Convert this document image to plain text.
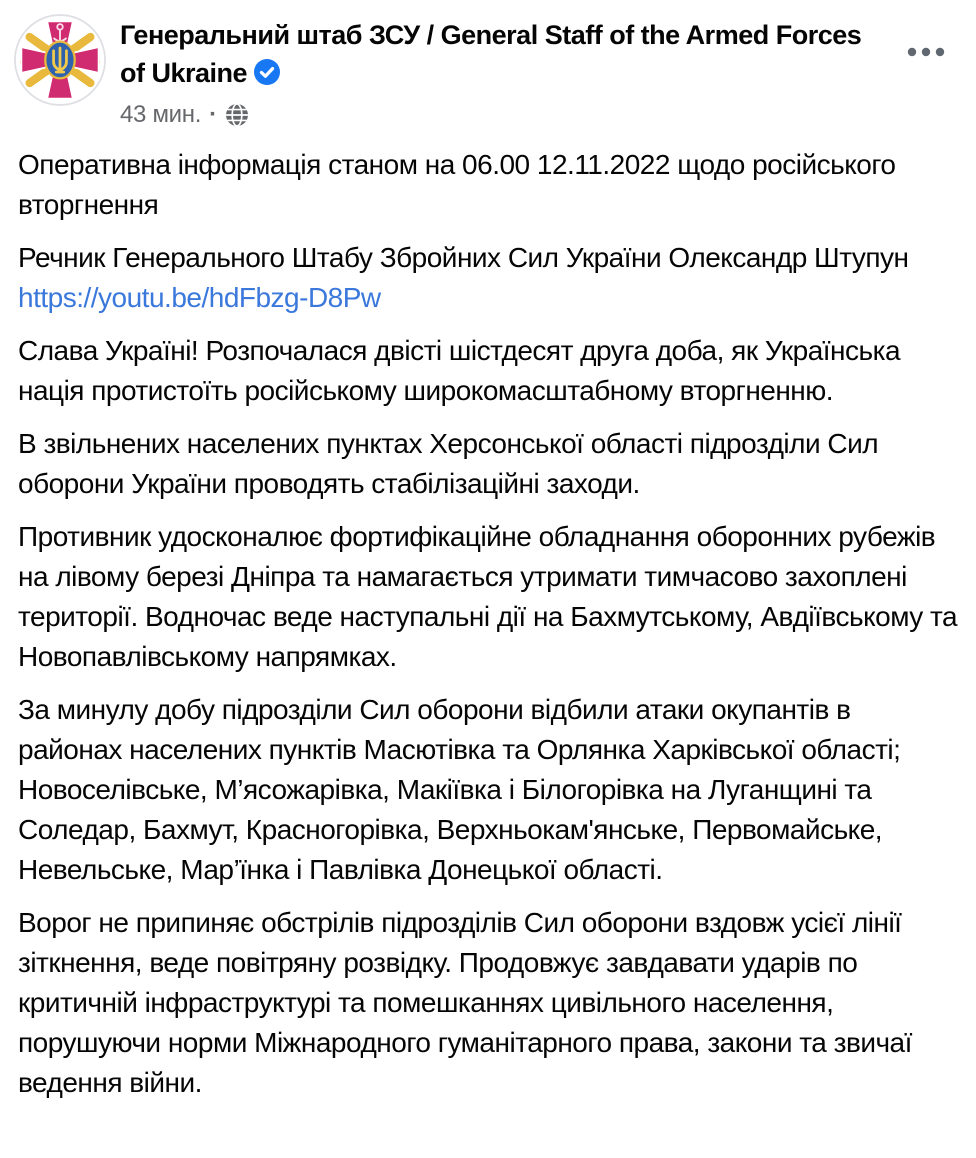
Генеральний штаб ЗСУ / General Staff of the Armed Forces of Ukraine
43 мин. ·

Оперативна інформація станом на 06.00 12.11.2022 щодо російського вторгнення

Речник Генерального Штабу Збройних Сил України Олександр Штупун https://youtu.be/hdFbzg-D8Pw

Слава Україні! Розпочалася двісті шістдесят друга доба, як Українська нація протистоїть російському широкомасштабному вторгненню.

В звільнених населених пунктах Херсонської області підрозділи Сил оборони України проводять стабілізаційні заходи.

Противник удосконалює фортифікаційне обладнання оборонних рубежів на лівому березі Дніпра та намагається утримати тимчасово захоплені території. Водночас веде наступальні дії на Бахмутському, Авдіївському та Новопавлівському напрямках.

За минулу добу підрозділи Сил оборони відбили атаки окупантів в районах населених пунктів Масютівка та Орлянка Харківської області; Новоселівське, М’ясожарівка, Макіївка і Білогорівка на Луганщині та Соледар, Бахмут, Красногорівка, Верхньокам'янське, Первомайське, Невельське, Мар’їнка і Павлівка Донецької області.

Ворог не припиняє обстрілів підрозділів Сил оборони вздовж усієї лінії зіткнення, веде повітряну розвідку. Продовжує завдавати ударів по критичній інфраструктурі та помешканнях цивільного населення, порушуючи норми Міжнародного гуманітарного права, закони та звичаї ведення війни.
